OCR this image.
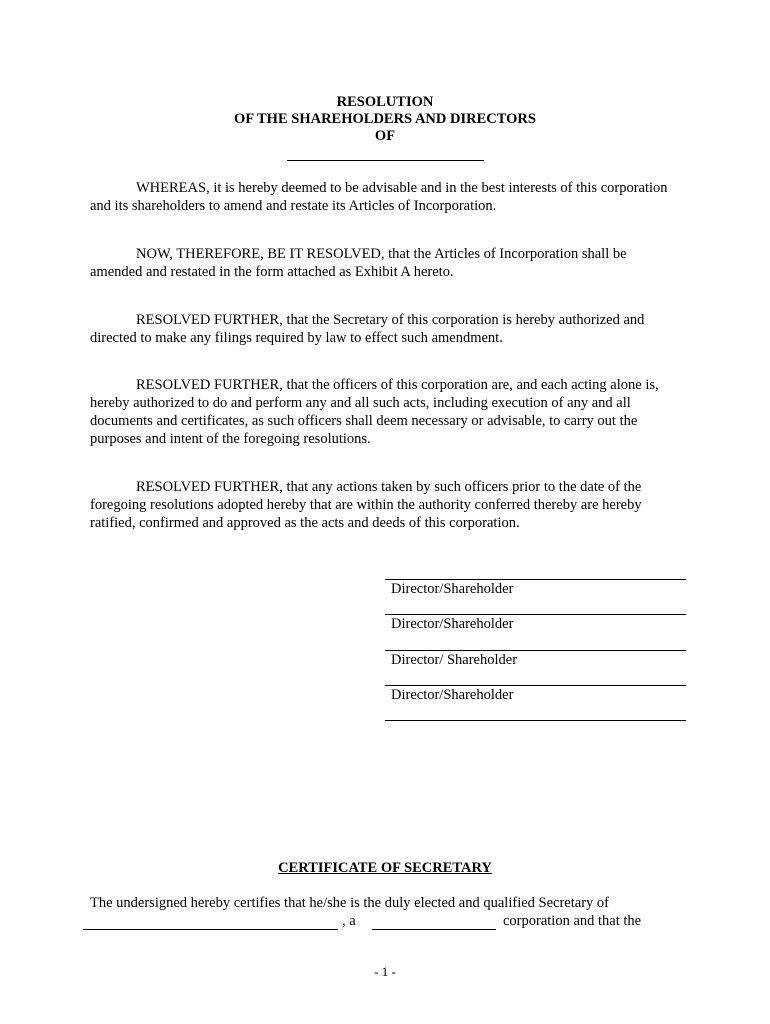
RESOLUTION
OF THE SHAREHOLDERS AND DIRECTORS
OF
WHEREAS, it is hereby deemed to be advisable and in the best interests of this corporation and its shareholders to amend and restate its Articles of Incorporation.
NOW, THEREFORE, BE IT RESOLVED, that the Articles of Incorporation shall be amended and restated in the form attached as Exhibit A hereto.
RESOLVED FURTHER, that the Secretary of this corporation is hereby authorized and directed to make any filings required by law to effect such amendment.
RESOLVED FURTHER, that the officers of this corporation are, and each acting alone is, hereby authorized to do and perform any and all such acts, including execution of any and all documents and certificates, as such officers shall deem necessary or advisable, to carry out the purposes and intent of the foregoing resolutions.
RESOLVED FURTHER, that any actions taken by such officers prior to the date of the foregoing resolutions adopted hereby that are within the authority conferred thereby are hereby ratified, confirmed and approved as the acts and deeds of this corporation.
Director/Shareholder
Director/Shareholder
Director/ Shareholder
Director/Shareholder
CERTIFICATE OF SECRETARY
The undersigned hereby certifies that he/she is the duly elected and qualified Secretary of
, a	corporation and that the
- 1 -
